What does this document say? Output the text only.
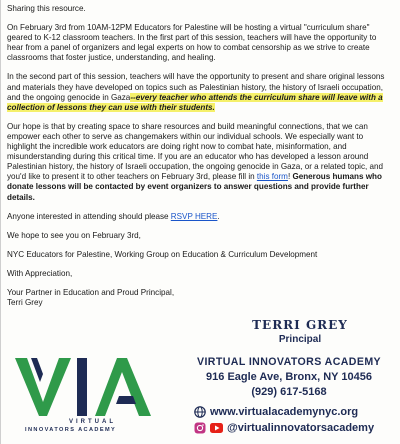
Sharing this resource.

On February 3rd from 10AM-12PM Educators for Palestine will be hosting a virtual "curriculum share" geared to K-12 classroom teachers. In the first part of this session, teachers will have the opportunity to hear from a panel of organizers and legal experts on how to combat censorship as we strive to create classrooms that foster justice, understanding, and healing.

In the second part of this session, teachers will have the opportunity to present and share original lessons and materials they have developed on topics such as Palestinian history, the history of Israeli occupation, and the ongoing genocide in Gaza--every teacher who attends the curriculum share will leave with a collection of lessons they can use with their students.

Our hope is that by creating space to share resources and build meaningful connections, that we can empower each other to serve as changemakers within our individual schools. We especially want to highlight the incredible work educators are doing right now to combat hate, misinformation, and misunderstanding during this critical time. If you are an educator who has developed a lesson around Palestinian history, the history of Israeli occupation, the ongoing genocide in Gaza, or a related topic, and you'd like to present it to other teachers on February 3rd, please fill in this form! Generous humans who donate lessons will be contacted by event organizers to answer questions and provide further details.

Anyone interested in attending should please RSVP HERE.

We hope to see you on February 3rd,

NYC Educators for Palestine, Working Group on Education & Curriculum Development

With Appreciation,

Your Partner in Education and Proud Principal,

Terri Grey

TERRI GREY
Principal
VIRTUAL
INNOVATORS ACADEMY
VIRTUAL INNOVATORS ACADEMY
916 Eagle Ave, Bronx, NY 10456
(929) 617-5168
www.virtualacademynyc.org
@virtualinnovatorsacademy
